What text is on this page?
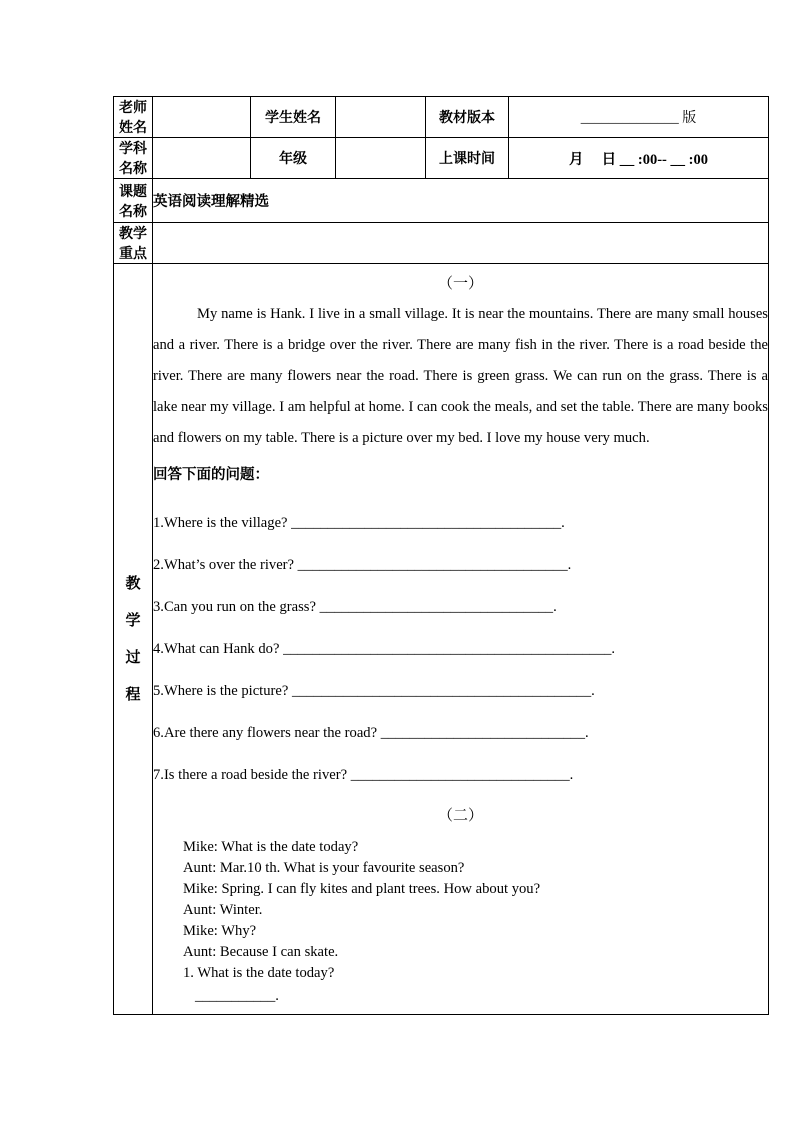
老师姓名		学生姓名		教材版本	______________ 版
学科名称		年级		上课时间	月　 日 __ :00-- __ :00
课题名称	英语阅读理解精选				
教学重点					

教
学
过
程

（一）
My name is Hank. I live in a small village. It is near the mountains. There are many small houses and a river. There is a bridge over the river. There are many fish in the river. There is a road beside the river. There are many flowers near the road. There is green grass. We can run on the grass. There is a lake near my village. I am helpful at home. I can cook the meals, and set the table. There are many books and flowers on my table. There is a picture over my bed. I love my house very much.
回答下面的问题：
1.Where is the village? _____________________________________.
2.What’s over the river? _____________________________________.
3.Can you run on the grass? ________________________________.
4.What can Hank do? _____________________________________________.
5.Where is the picture? _________________________________________.
6.Are there any flowers near the road? ____________________________.
7.Is there a road beside the river? ______________________________.
（二）
Mike: What is the date today?
Aunt: Mar.10 th. What is your favourite season?
Mike: Spring. I can fly kites and plant trees. How about you?
Aunt: Winter.
Mike: Why?
Aunt: Because I can skate.
1. What is the date today?
___________.
